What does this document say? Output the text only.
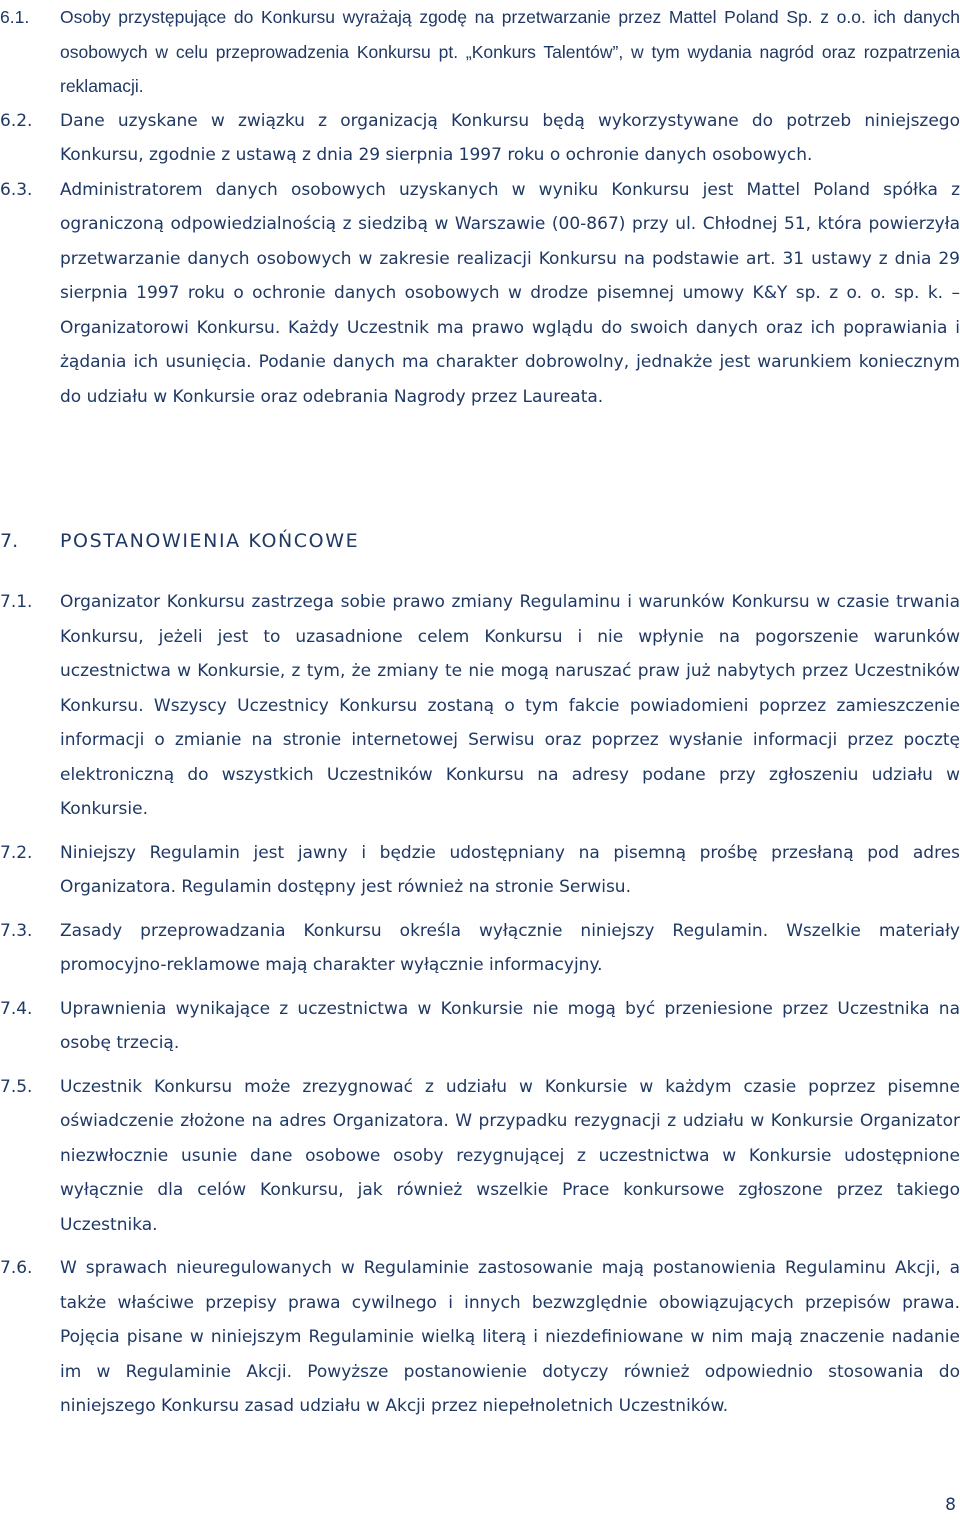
6.1.	Osoby przystępujące do Konkursu wyrażają zgodę na przetwarzanie przez Mattel Poland Sp. z o.o. ich danych osobowych w celu przeprowadzenia Konkursu pt. „Konkurs Talentów”, w tym wydania nagród oraz rozpatrzenia reklamacji.
6.2.	Dane uzyskane w związku z organizacją Konkursu będą wykorzystywane do potrzeb niniejszego Konkursu, zgodnie z ustawą z dnia 29 sierpnia 1997 roku o ochronie danych osobowych.
6.3.	Administratorem danych osobowych uzyskanych w wyniku Konkursu jest Mattel Poland spółka z ograniczoną odpowiedzialnością z siedzibą w Warszawie (00-867) przy ul. Chłodnej 51, która powierzyła przetwarzanie danych osobowych w zakresie realizacji Konkursu na podstawie art. 31 ustawy z dnia 29 sierpnia 1997 roku o ochronie danych osobowych w drodze pisemnej umowy K&Y sp. z o. o. sp. k. – Organizatorowi Konkursu. Każdy Uczestnik ma prawo wglądu do swoich danych oraz ich poprawiania i żądania ich usunięcia. Podanie danych ma charakter dobrowolny, jednakże jest warunkiem koniecznym do udziału w Konkursie oraz odebrania Nagrody przez Laureata.
7.	POSTANOWIENIA KOŃCOWE
7.1.	Organizator Konkursu zastrzega sobie prawo zmiany Regulaminu i warunków Konkursu w czasie trwania Konkursu, jeżeli jest to uzasadnione celem Konkursu i nie wpłynie na pogorszenie warunków uczestnictwa w Konkursie, z tym, że zmiany te nie mogą naruszać praw już nabytych przez Uczestników Konkursu. Wszyscy Uczestnicy Konkursu zostaną o tym fakcie powiadomieni poprzez zamieszczenie informacji o zmianie na stronie internetowej Serwisu oraz poprzez wysłanie informacji przez pocztę elektroniczną do wszystkich Uczestników Konkursu na adresy podane przy zgłoszeniu udziału w Konkursie.
7.2.	Niniejszy Regulamin jest jawny i będzie udostępniany na pisemną prośbę przesłaną pod adres Organizatora. Regulamin dostępny jest również na stronie Serwisu.
7.3.	Zasady przeprowadzania Konkursu określa wyłącznie niniejszy Regulamin. Wszelkie materiały promocyjno-reklamowe mają charakter wyłącznie informacyjny.
7.4.	Uprawnienia wynikające z uczestnictwa w Konkursie nie mogą być przeniesione przez Uczestnika na osobę trzecią.
7.5.	Uczestnik Konkursu może zrezygnować z udziału w Konkursie w każdym czasie poprzez pisemne oświadczenie złożone na adres Organizatora. W przypadku rezygnacji z udziału w Konkursie Organizator niezwłocznie usunie dane osobowe osoby rezygnującej z uczestnictwa w Konkursie udostępnione wyłącznie dla celów Konkursu, jak również wszelkie Prace konkursowe zgłoszone przez takiego Uczestnika.
7.6.	W sprawach nieuregulowanych w Regulaminie zastosowanie mają postanowienia Regulaminu Akcji, a także właściwe przepisy prawa cywilnego i innych bezwzględnie obowiązujących przepisów prawa. Pojęcia pisane w niniejszym Regulaminie wielką literą i niezdefiniowane w nim mają znaczenie nadanie im w Regulaminie Akcji. Powyższe postanowienie dotyczy również odpowiednio stosowania do niniejszego Konkursu zasad udziału w Akcji przez niepełnoletnich Uczestników.
8
